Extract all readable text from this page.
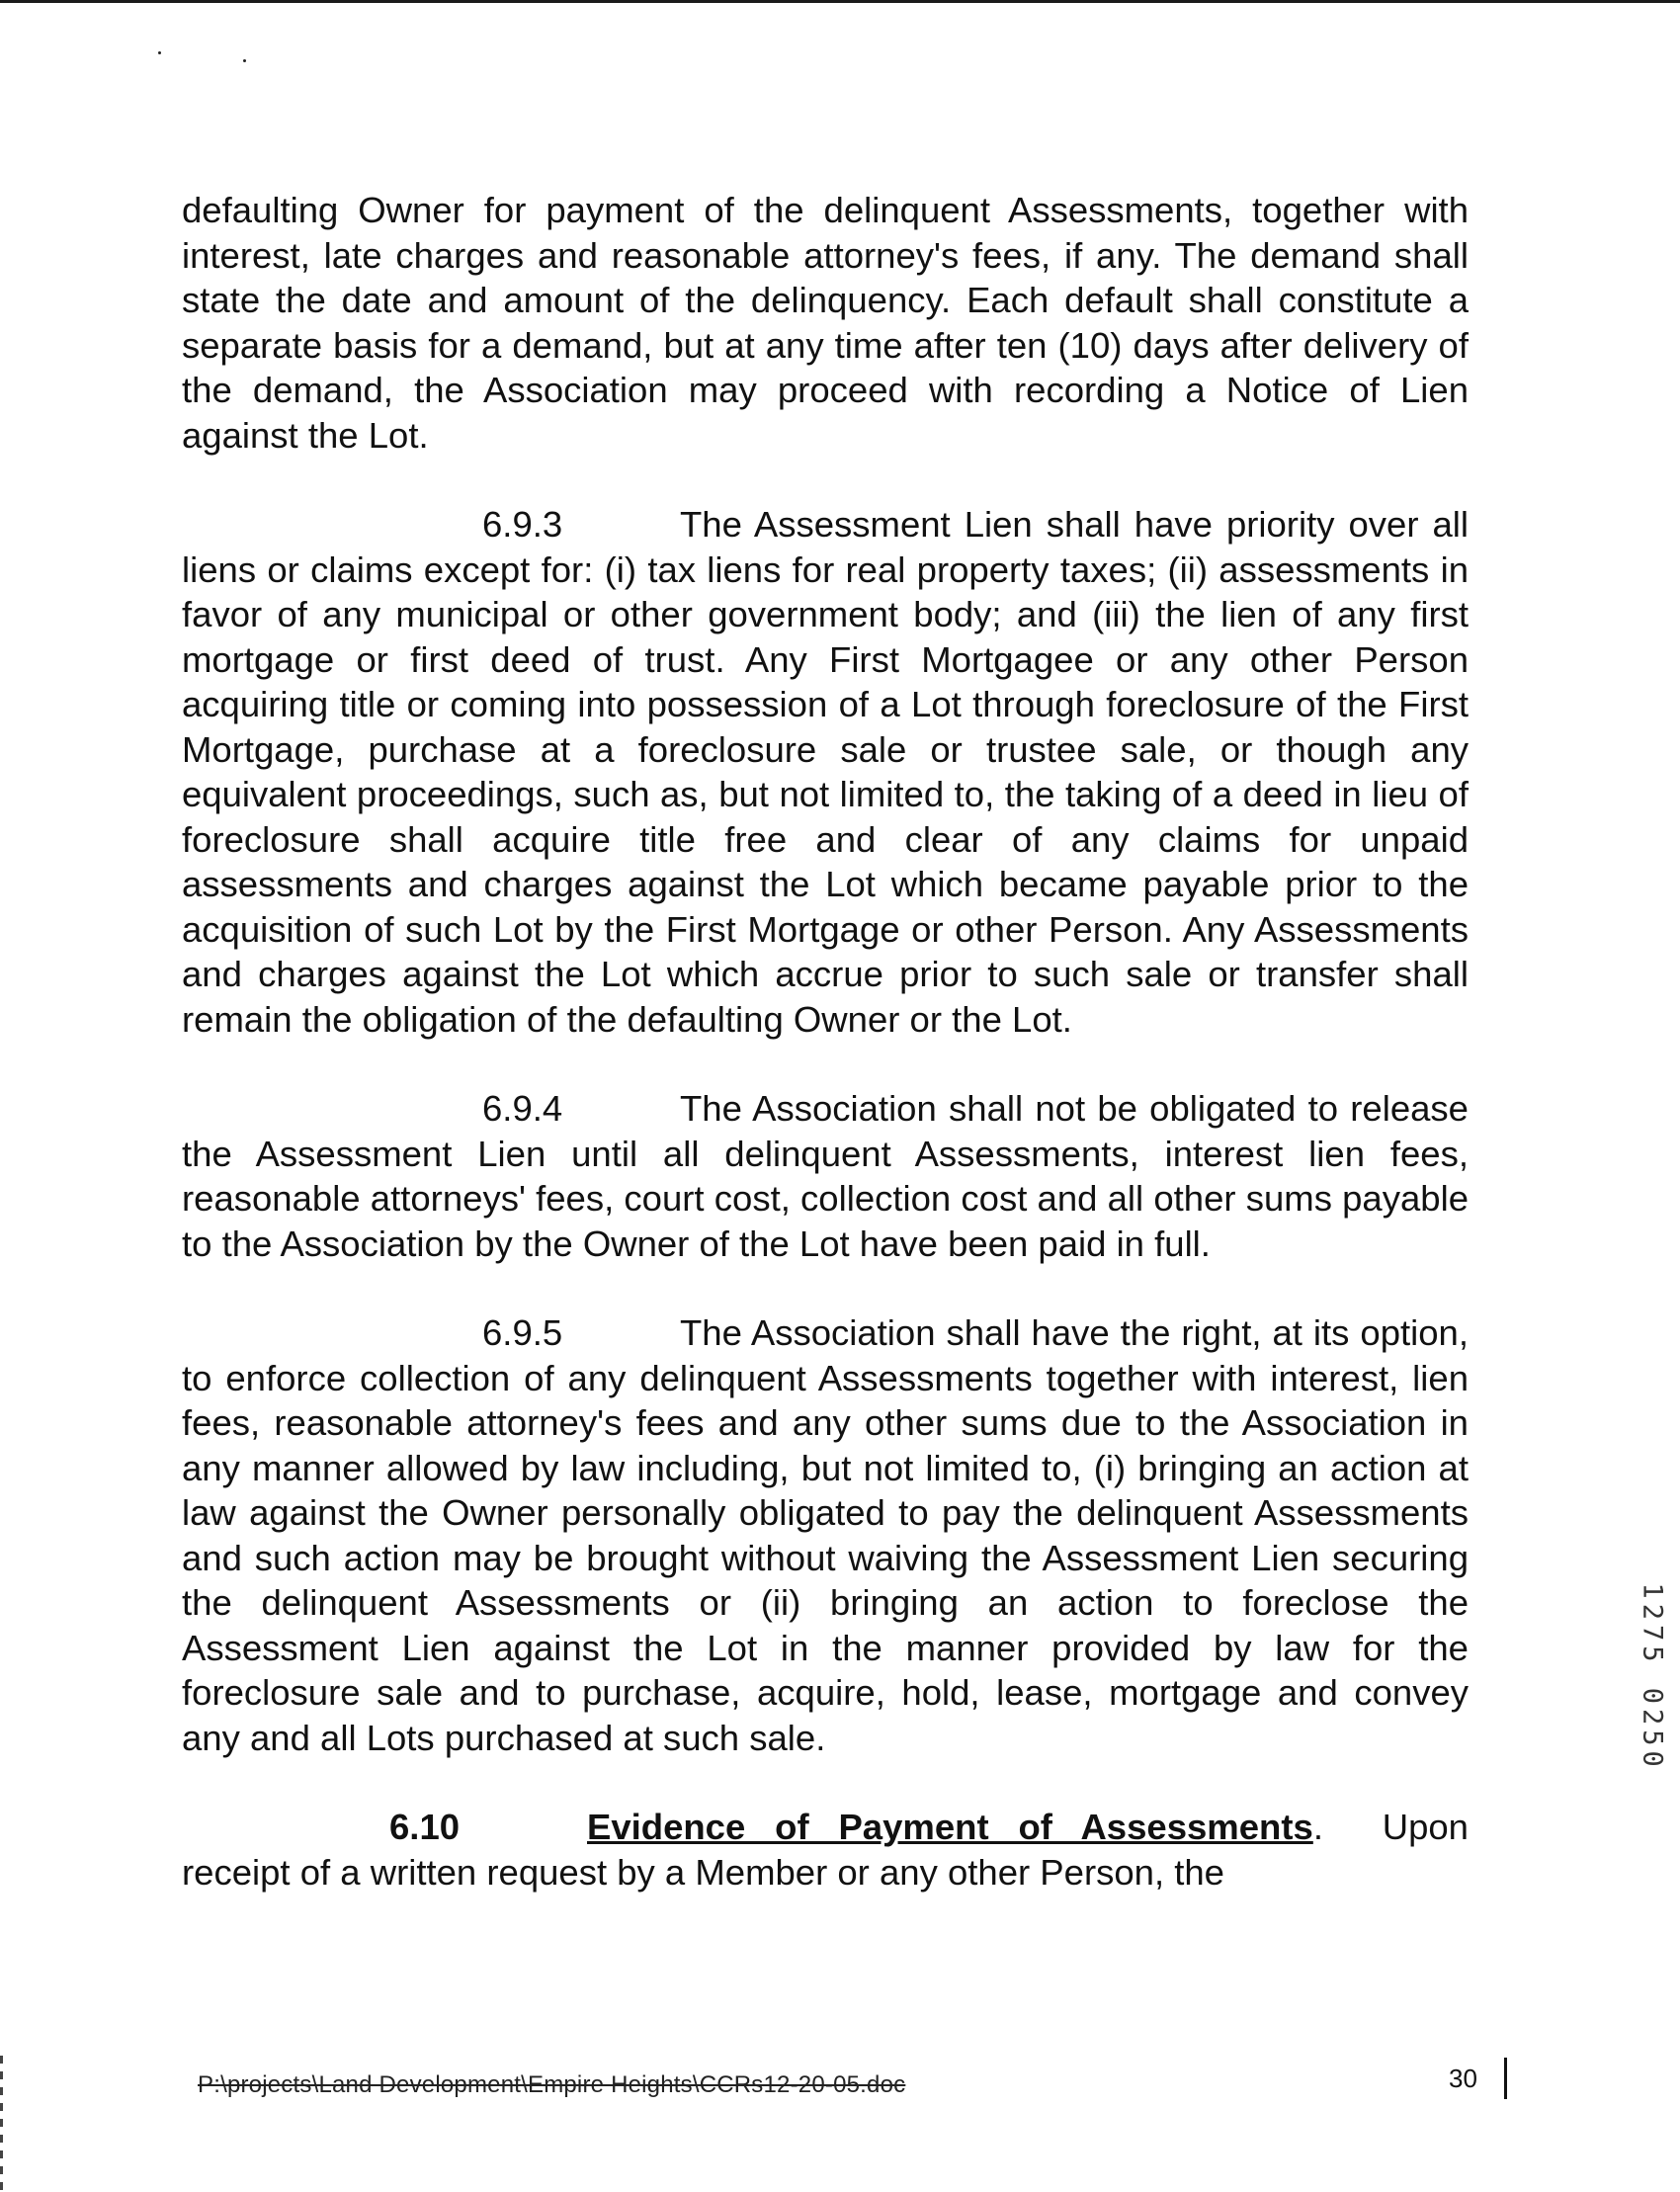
defaulting Owner for payment of the delinquent Assessments, together with interest, late charges and reasonable attorney's fees, if any. The demand shall state the date and amount of the delinquency. Each default shall constitute a separate basis for a demand, but at any time after ten (10) days after delivery of the demand, the Association may proceed with recording a Notice of Lien against the Lot.

6.9.3	The Assessment Lien shall have priority over all liens or claims except for: (i) tax liens for real property taxes; (ii) assessments in favor of any municipal or other government body; and (iii) the lien of any first mortgage or first deed of trust. Any First Mortgagee or any other Person acquiring title or coming into possession of a Lot through foreclosure of the First Mortgage, purchase at a foreclosure sale or trustee sale, or though any equivalent proceedings, such as, but not limited to, the taking of a deed in lieu of foreclosure shall acquire title free and clear of any claims for unpaid assessments and charges against the Lot which became payable prior to the acquisition of such Lot by the First Mortgage or other Person. Any Assessments and charges against the Lot which accrue prior to such sale or transfer shall remain the obligation of the defaulting Owner or the Lot.

6.9.4	The Association shall not be obligated to release the Assessment Lien until all delinquent Assessments, interest lien fees, reasonable attorneys' fees, court cost, collection cost and all other sums payable to the Association by the Owner of the Lot have been paid in full.

6.9.5	The Association shall have the right, at its option, to enforce collection of any delinquent Assessments together with interest, lien fees, reasonable attorney's fees and any other sums due to the Association in any manner allowed by law including, but not limited to, (i) bringing an action at law against the Owner personally obligated to pay the delinquent Assessments and such action may be brought without waiving the Assessment Lien securing the delinquent Assessments or (ii) bringing an action to foreclose the Assessment Lien against the Lot in the manner provided by law for the foreclosure sale and to purchase, acquire, hold, lease, mortgage and convey any and all Lots purchased at such sale.

6.10	Evidence of Payment of Assessments. Upon receipt of a written request by a Member or any other Person, the

1275 0250
P:\projects\Land Development\Empire Heights\CCRs12-20-05.doc	30
